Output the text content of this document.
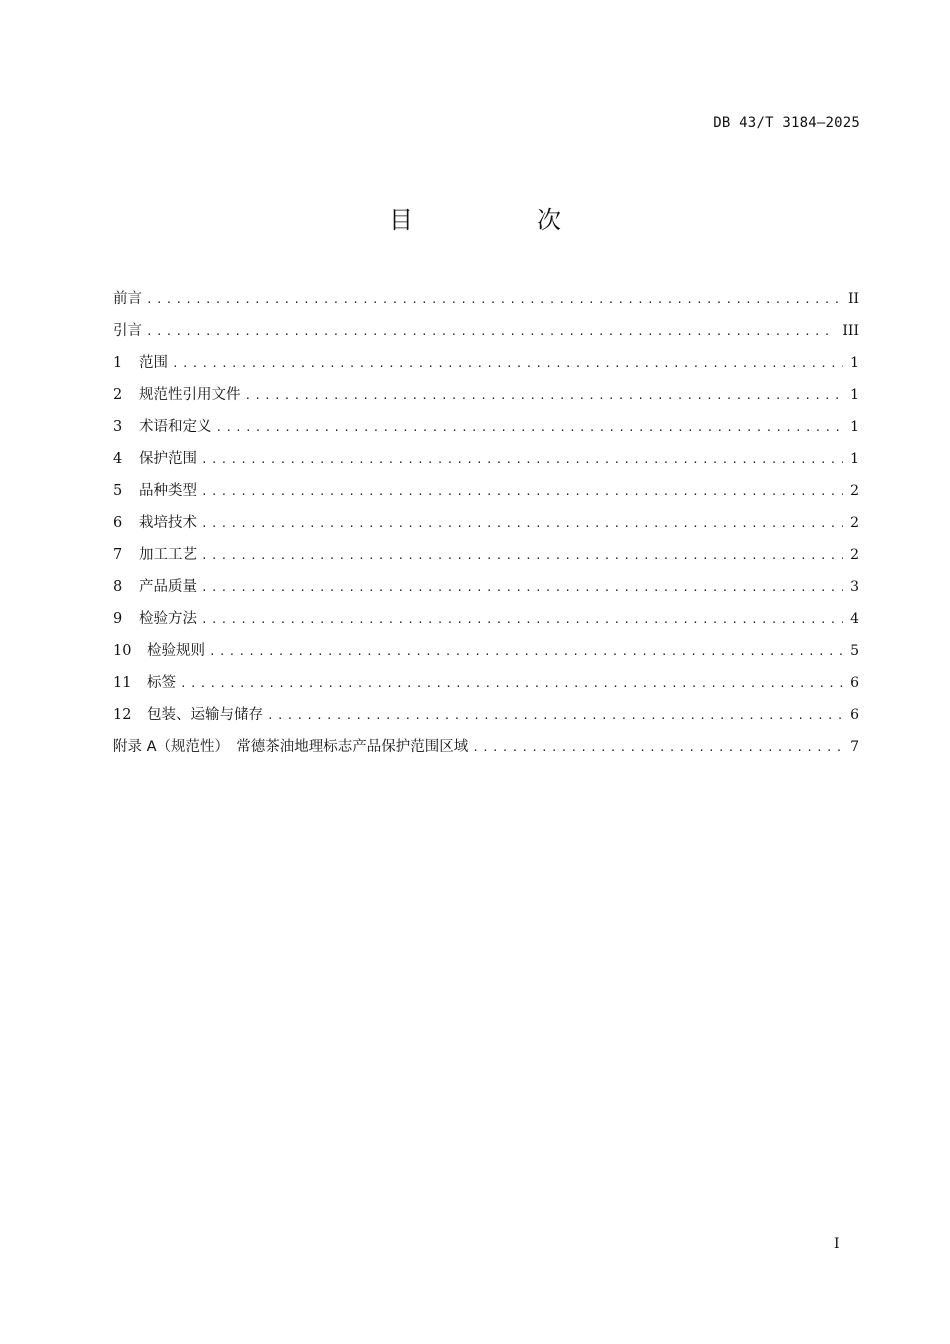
DB 43/T 3184—2025
目　次
前言 .....	II
引言 .....	III
1	范围 .....	1
2	规范性引用文件 .....	1
3	术语和定义 .....	1
4	保护范围 .....	1
5	品种类型 .....	2
6	栽培技术 .....	2
7	加工工艺 .....	2
8	产品质量 .....	3
9	检验方法 .....	4
10	检验规则 .....	5
11	标签 .....	6
12	包装、运输与储存 .....	6
附录 A（规范性）　常德茶油地理标志产品保护范围区域 .....	7
I
